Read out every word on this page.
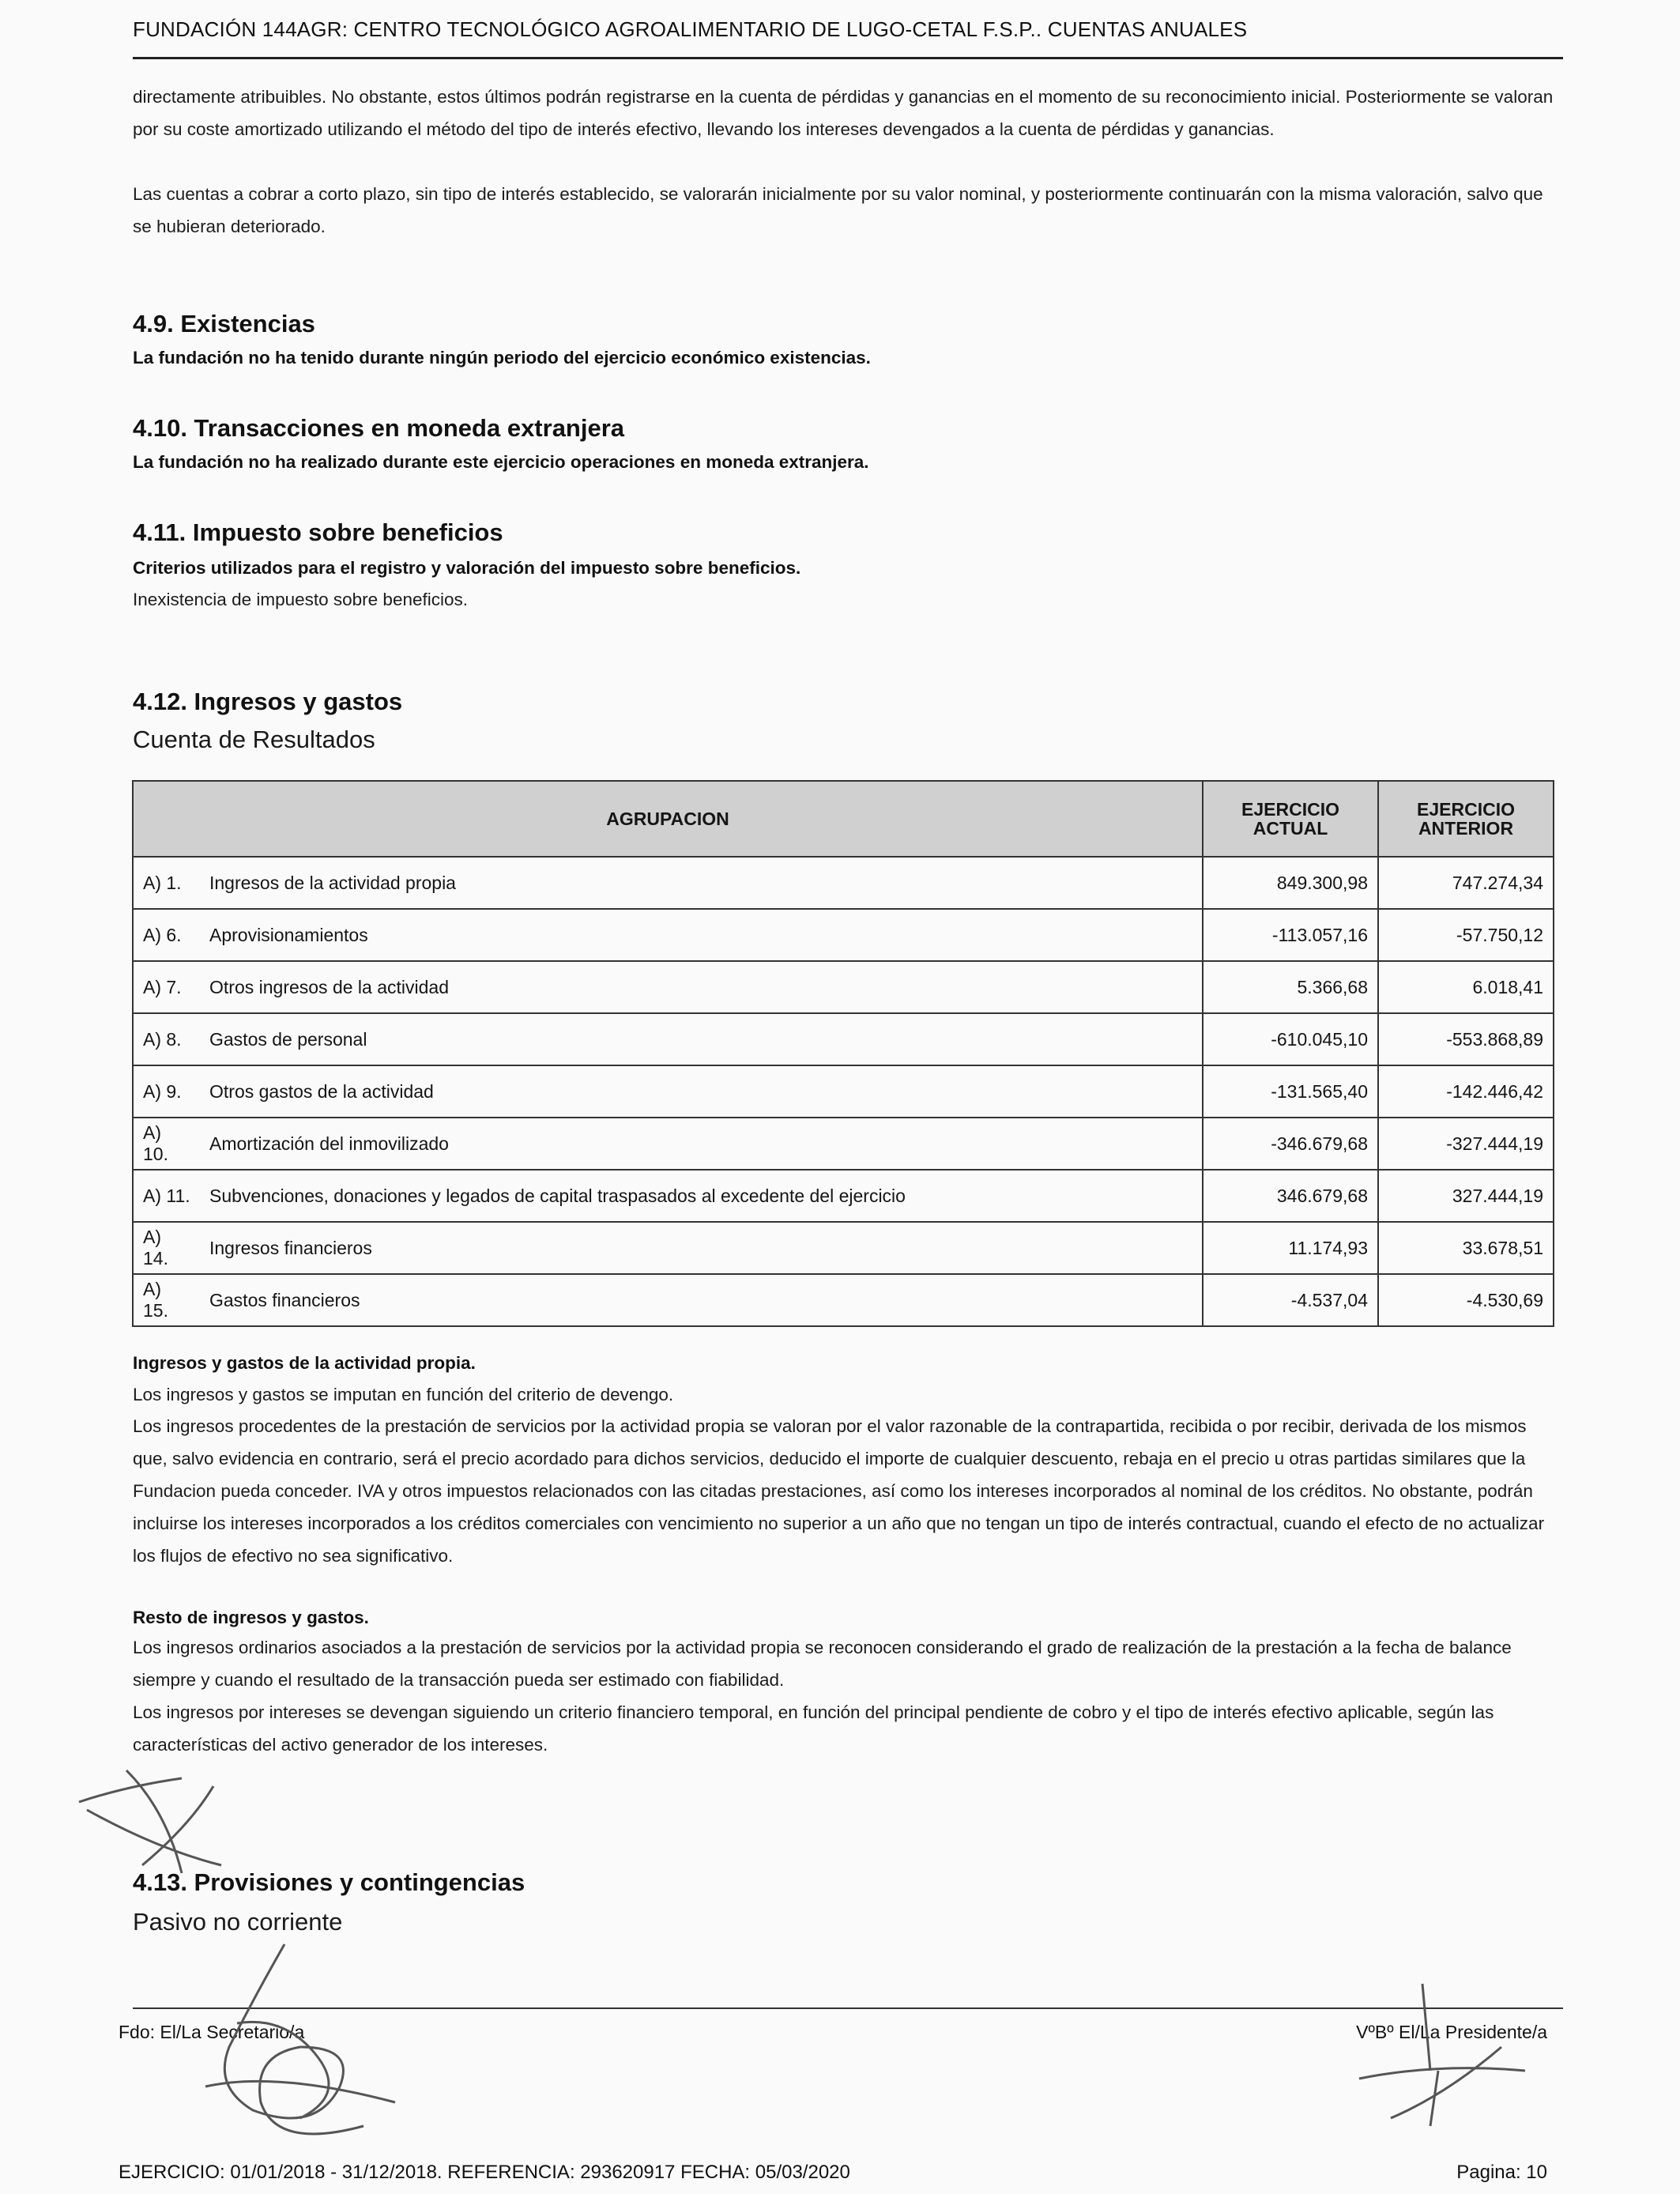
FUNDACIÓN 144AGR: CENTRO TECNOLÓGICO AGROALIMENTARIO DE LUGO-CETAL F.S.P.. CUENTAS ANUALES
directamente atribuibles. No obstante, estos últimos podrán registrarse en la cuenta de pérdidas y ganancias en el momento de su reconocimiento inicial. Posteriormente se valoran por su coste amortizado utilizando el método del tipo de interés efectivo, llevando los intereses devengados a la cuenta de pérdidas y ganancias.
Las cuentas a cobrar a corto plazo, sin tipo de interés establecido, se valorarán inicialmente por su valor nominal, y posteriormente continuarán con la misma valoración, salvo que se hubieran deteriorado.
4.9. Existencias
La fundación no ha tenido durante ningún periodo del ejercicio económico existencias.
4.10. Transacciones en moneda extranjera
La fundación no ha realizado durante este ejercicio operaciones en moneda extranjera.
4.11. Impuesto sobre beneficios
Criterios utilizados para el registro y valoración del impuesto sobre beneficios.
Inexistencia de impuesto sobre beneficios.
4.12. Ingresos y gastos
Cuenta de Resultados
AGRUPACION		EJERCICIO ACTUAL	EJERCICIO ANTERIOR
A) 1.	Ingresos de la actividad propia	849.300,98	747.274,34
A) 6.	Aprovisionamientos	-113.057,16	-57.750,12
A) 7.	Otros ingresos de la actividad	5.366,68	6.018,41
A) 8.	Gastos de personal	-610.045,10	-553.868,89
A) 9.	Otros gastos de la actividad	-131.565,40	-142.446,42
A) 10.	Amortización del inmovilizado	-346.679,68	-327.444,19
A) 11.	Subvenciones, donaciones y legados de capital traspasados al excedente del ejercicio	346.679,68	327.444,19
A) 14.	Ingresos financieros	11.174,93	33.678,51
A) 15.	Gastos financieros	-4.537,04	-4.530,69
Ingresos y gastos de la actividad propia.
Los ingresos y gastos se imputan en función del criterio de devengo.
Los ingresos procedentes de la prestación de servicios por la actividad propia se valoran por el valor razonable de la contrapartida, recibida o por recibir, derivada de los mismos que, salvo evidencia en contrario, será el precio acordado para dichos servicios, deducido el importe de cualquier descuento, rebaja en el precio u otras partidas similares que la Fundacion pueda conceder. IVA y otros impuestos relacionados con las citadas prestaciones, así como los intereses incorporados al nominal de los créditos. No obstante, podrán incluirse los intereses incorporados a los créditos comerciales con vencimiento no superior a un año que no tengan un tipo de interés contractual, cuando el efecto de no actualizar los flujos de efectivo no sea significativo.
Resto de ingresos y gastos.
Los ingresos ordinarios asociados a la prestación de servicios por la actividad propia se reconocen considerando el grado de realización de la prestación a la fecha de balance siempre y cuando el resultado de la transacción pueda ser estimado con fiabilidad.
Los ingresos por intereses se devengan siguiendo un criterio financiero temporal, en función del principal pendiente de cobro y el tipo de interés efectivo aplicable, según las características del activo generador de los intereses.
4.13. Provisiones y contingencias
Pasivo no corriente
Fdo: El/La Secretario/a	VºBº El/La Presidente/a
EJERCICIO: 01/01/2018 - 31/12/2018. REFERENCIA: 293620917 FECHA: 05/03/2020	Pagina: 10
